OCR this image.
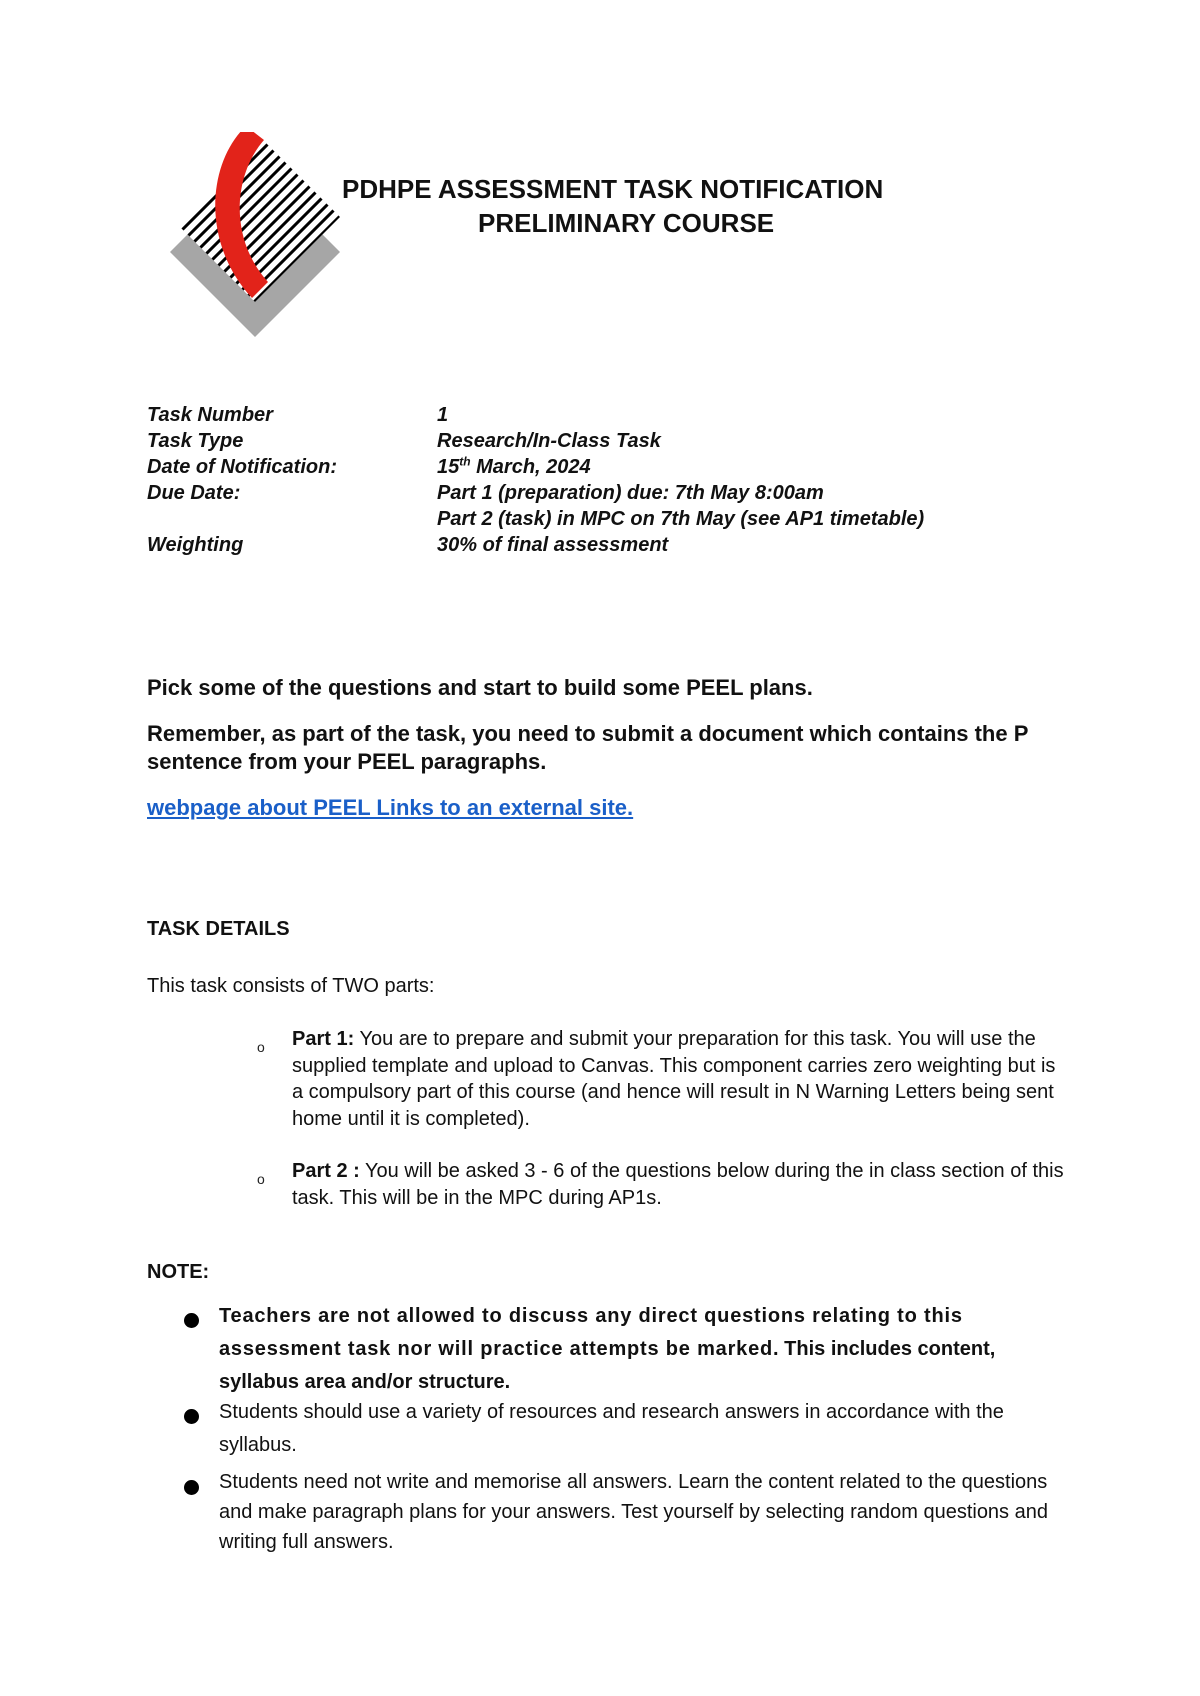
PDHPE ASSESSMENT TASK NOTIFICATION
PRELIMINARY COURSE
Task Number	1
Task Type	Research/In-Class Task
Date of Notification:	15th March, 2024
Due Date:	Part 1 (preparation) due: 7th May 8:00am
Part 2 (task) in MPC on 7th May (see AP1 timetable)
Weighting	30% of final assessment
Pick some of the questions and start to build some PEEL plans.
Remember, as part of the task, you need to submit a document which contains the P sentence from your PEEL paragraphs.
webpage about PEEL Links to an external site.
TASK DETAILS
This task consists of TWO parts:
o Part 1: You are to prepare and submit your preparation for this task. You will use the supplied template and upload to Canvas. This component carries zero weighting but is a compulsory part of this course (and hence will result in N Warning Letters being sent home until it is completed).
o Part 2 : You will be asked 3 - 6 of the questions below during the in class section of this task. This will be in the MPC during AP1s.
NOTE:
Teachers are not allowed to discuss any direct questions relating to this assessment task nor will practice attempts be marked. This includes content, syllabus area and/or structure.
Students should use a variety of resources and research answers in accordance with the syllabus.
Students need not write and memorise all answers. Learn the content related to the questions and make paragraph plans for your answers. Test yourself by selecting random questions and writing full answers.
